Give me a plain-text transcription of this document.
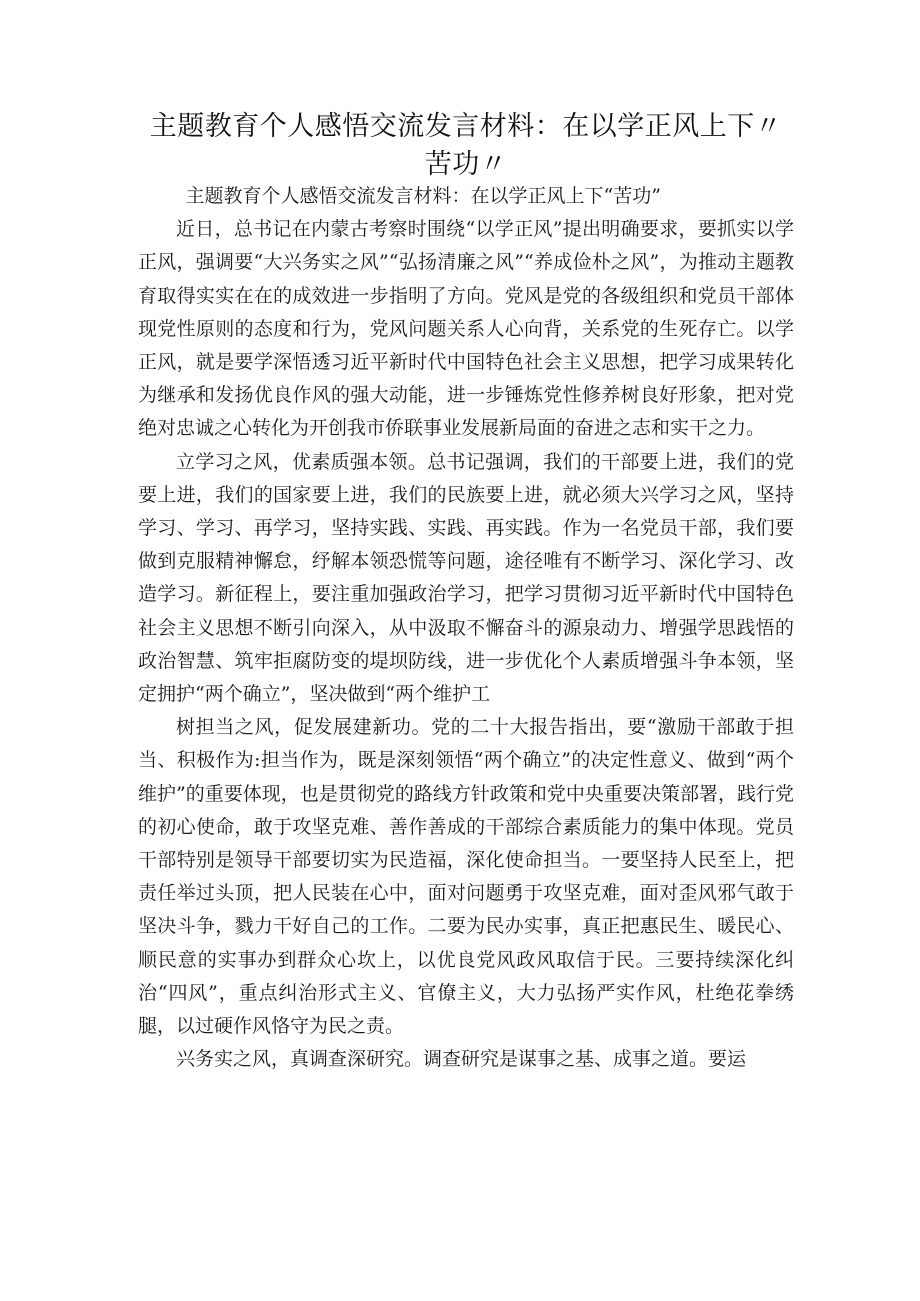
主题教育个人感悟交流发言材料：在以学正风上下〃苦功〃

主题教育个人感悟交流发言材料：在以学正风上下“苦功”

近日，总书记在内蒙古考察时围绕“以学正风”提出明确要求，要抓实以学正风，强调要“大兴务实之风”“弘扬清廉之风”“养成俭朴之风”，为推动主题教育取得实实在在的成效进一步指明了方向。党风是党的各级组织和党员干部体现党性原则的态度和行为，党风问题关系人心向背，关系党的生死存亡。以学正风，就是要学深悟透习近平新时代中国特色社会主义思想，把学习成果转化为继承和发扬优良作风的强大动能，进一步锤炼党性修养树良好形象，把对党绝对忠诚之心转化为开创我市侨联事业发展新局面的奋进之志和实干之力。

立学习之风，优素质强本领。总书记强调，我们的干部要上进，我们的党要上进，我们的国家要上进，我们的民族要上进，就必须大兴学习之风，坚持学习、学习、再学习，坚持实践、实践、再实践。作为一名党员干部，我们要做到克服精神懈怠，纾解本领恐慌等问题，途径唯有不断学习、深化学习、改造学习。新征程上，要注重加强政治学习，把学习贯彻习近平新时代中国特色社会主义思想不断引向深入，从中汲取不懈奋斗的源泉动力、增强学思践悟的政治智慧、筑牢拒腐防变的堤坝防线，进一步优化个人素质增强斗争本领，坚定拥护“两个确立”，坚决做到“两个维护工

树担当之风，促发展建新功。党的二十大报告指出，要“激励干部敢于担当、积极作为:担当作为，既是深刻领悟“两个确立”的决定性意义、做到“两个维护”的重要体现，也是贯彻党的路线方针政策和党中央重要决策部署，践行党的初心使命，敢于攻坚克难、善作善成的干部综合素质能力的集中体现。党员干部特别是领导干部要切实为民造福，深化使命担当。一要坚持人民至上，把责任举过头顶，把人民装在心中，面对问题勇于攻坚克难，面对歪风邪气敢于坚决斗争，戮力干好自己的工作。二要为民办实事，真正把惠民生、暖民心、顺民意的实事办到群众心坎上，以优良党风政风取信于民。三要持续深化纠治“四风”，重点纠治形式主义、官僚主义，大力弘扬严实作风，杜绝花拳绣腿，以过硬作风恪守为民之责。

兴务实之风，真调查深研究。调查研究是谋事之基、成事之道。要运
